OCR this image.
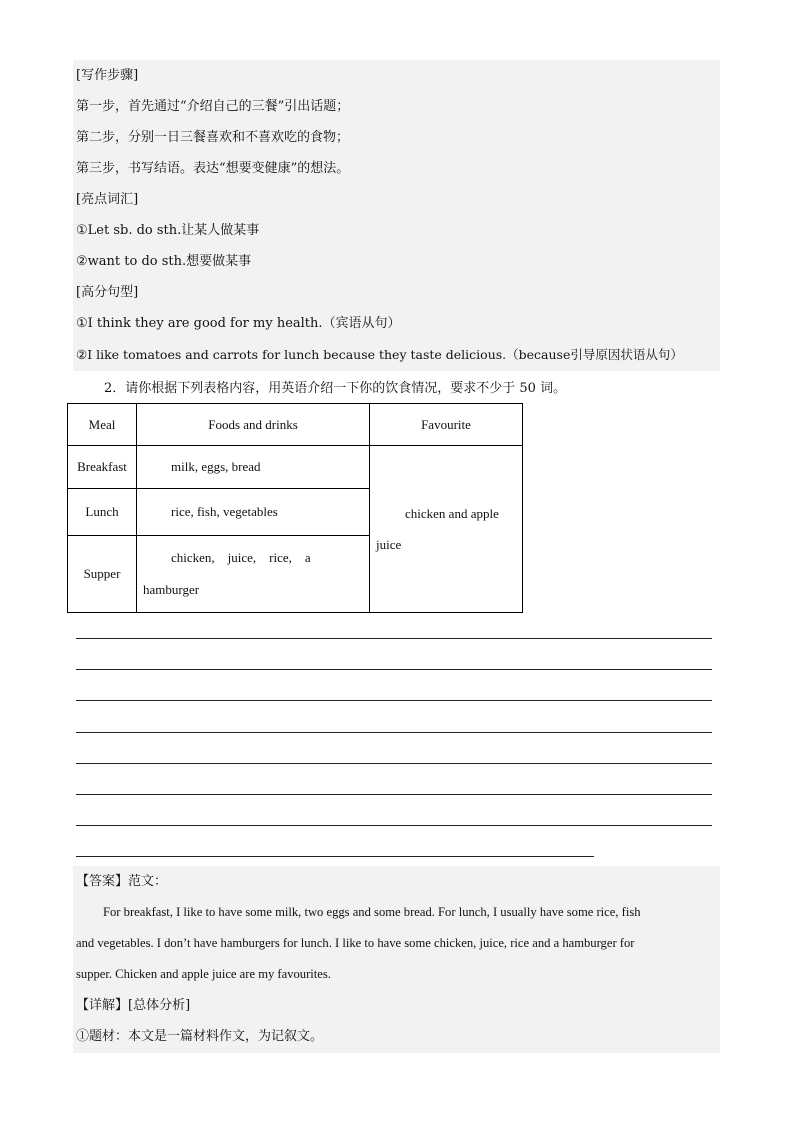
[写作步骤]
第一步，首先通过“介绍自己的三餐”引出话题；
第二步，分别一日三餐喜欢和不喜欢吃的食物；
第三步，书写结语。表达“想要变健康”的想法。
[亮点词汇]
①Let sb. do sth.让某人做某事
②want to do sth.想要做某事
[高分句型]
①I think they are good for my health.（宾语从句）
②I like tomatoes and carrots for lunch because they taste delicious.（because引导原因状语从句）
2．请你根据下列表格内容，用英语介绍一下你的饮食情况，要求不少于 50 词。
Meal	Foods and drinks	Favourite
Breakfast	milk, eggs, bread	chicken and apple
juice

Lunch	rice, fish, vegetables	
Supper	chicken,    juice,    rice,    a
hamburger	
【答案】范文：
For breakfast, I like to have some milk, two eggs and some bread. For lunch, I usually have some rice, fish
and vegetables. I don’t have hamburgers for lunch. I like to have some chicken, juice, rice and a hamburger for
supper. Chicken and apple juice are my favourites.
【详解】[总体分析]
①题材：本文是一篇材料作文，为记叙文。
